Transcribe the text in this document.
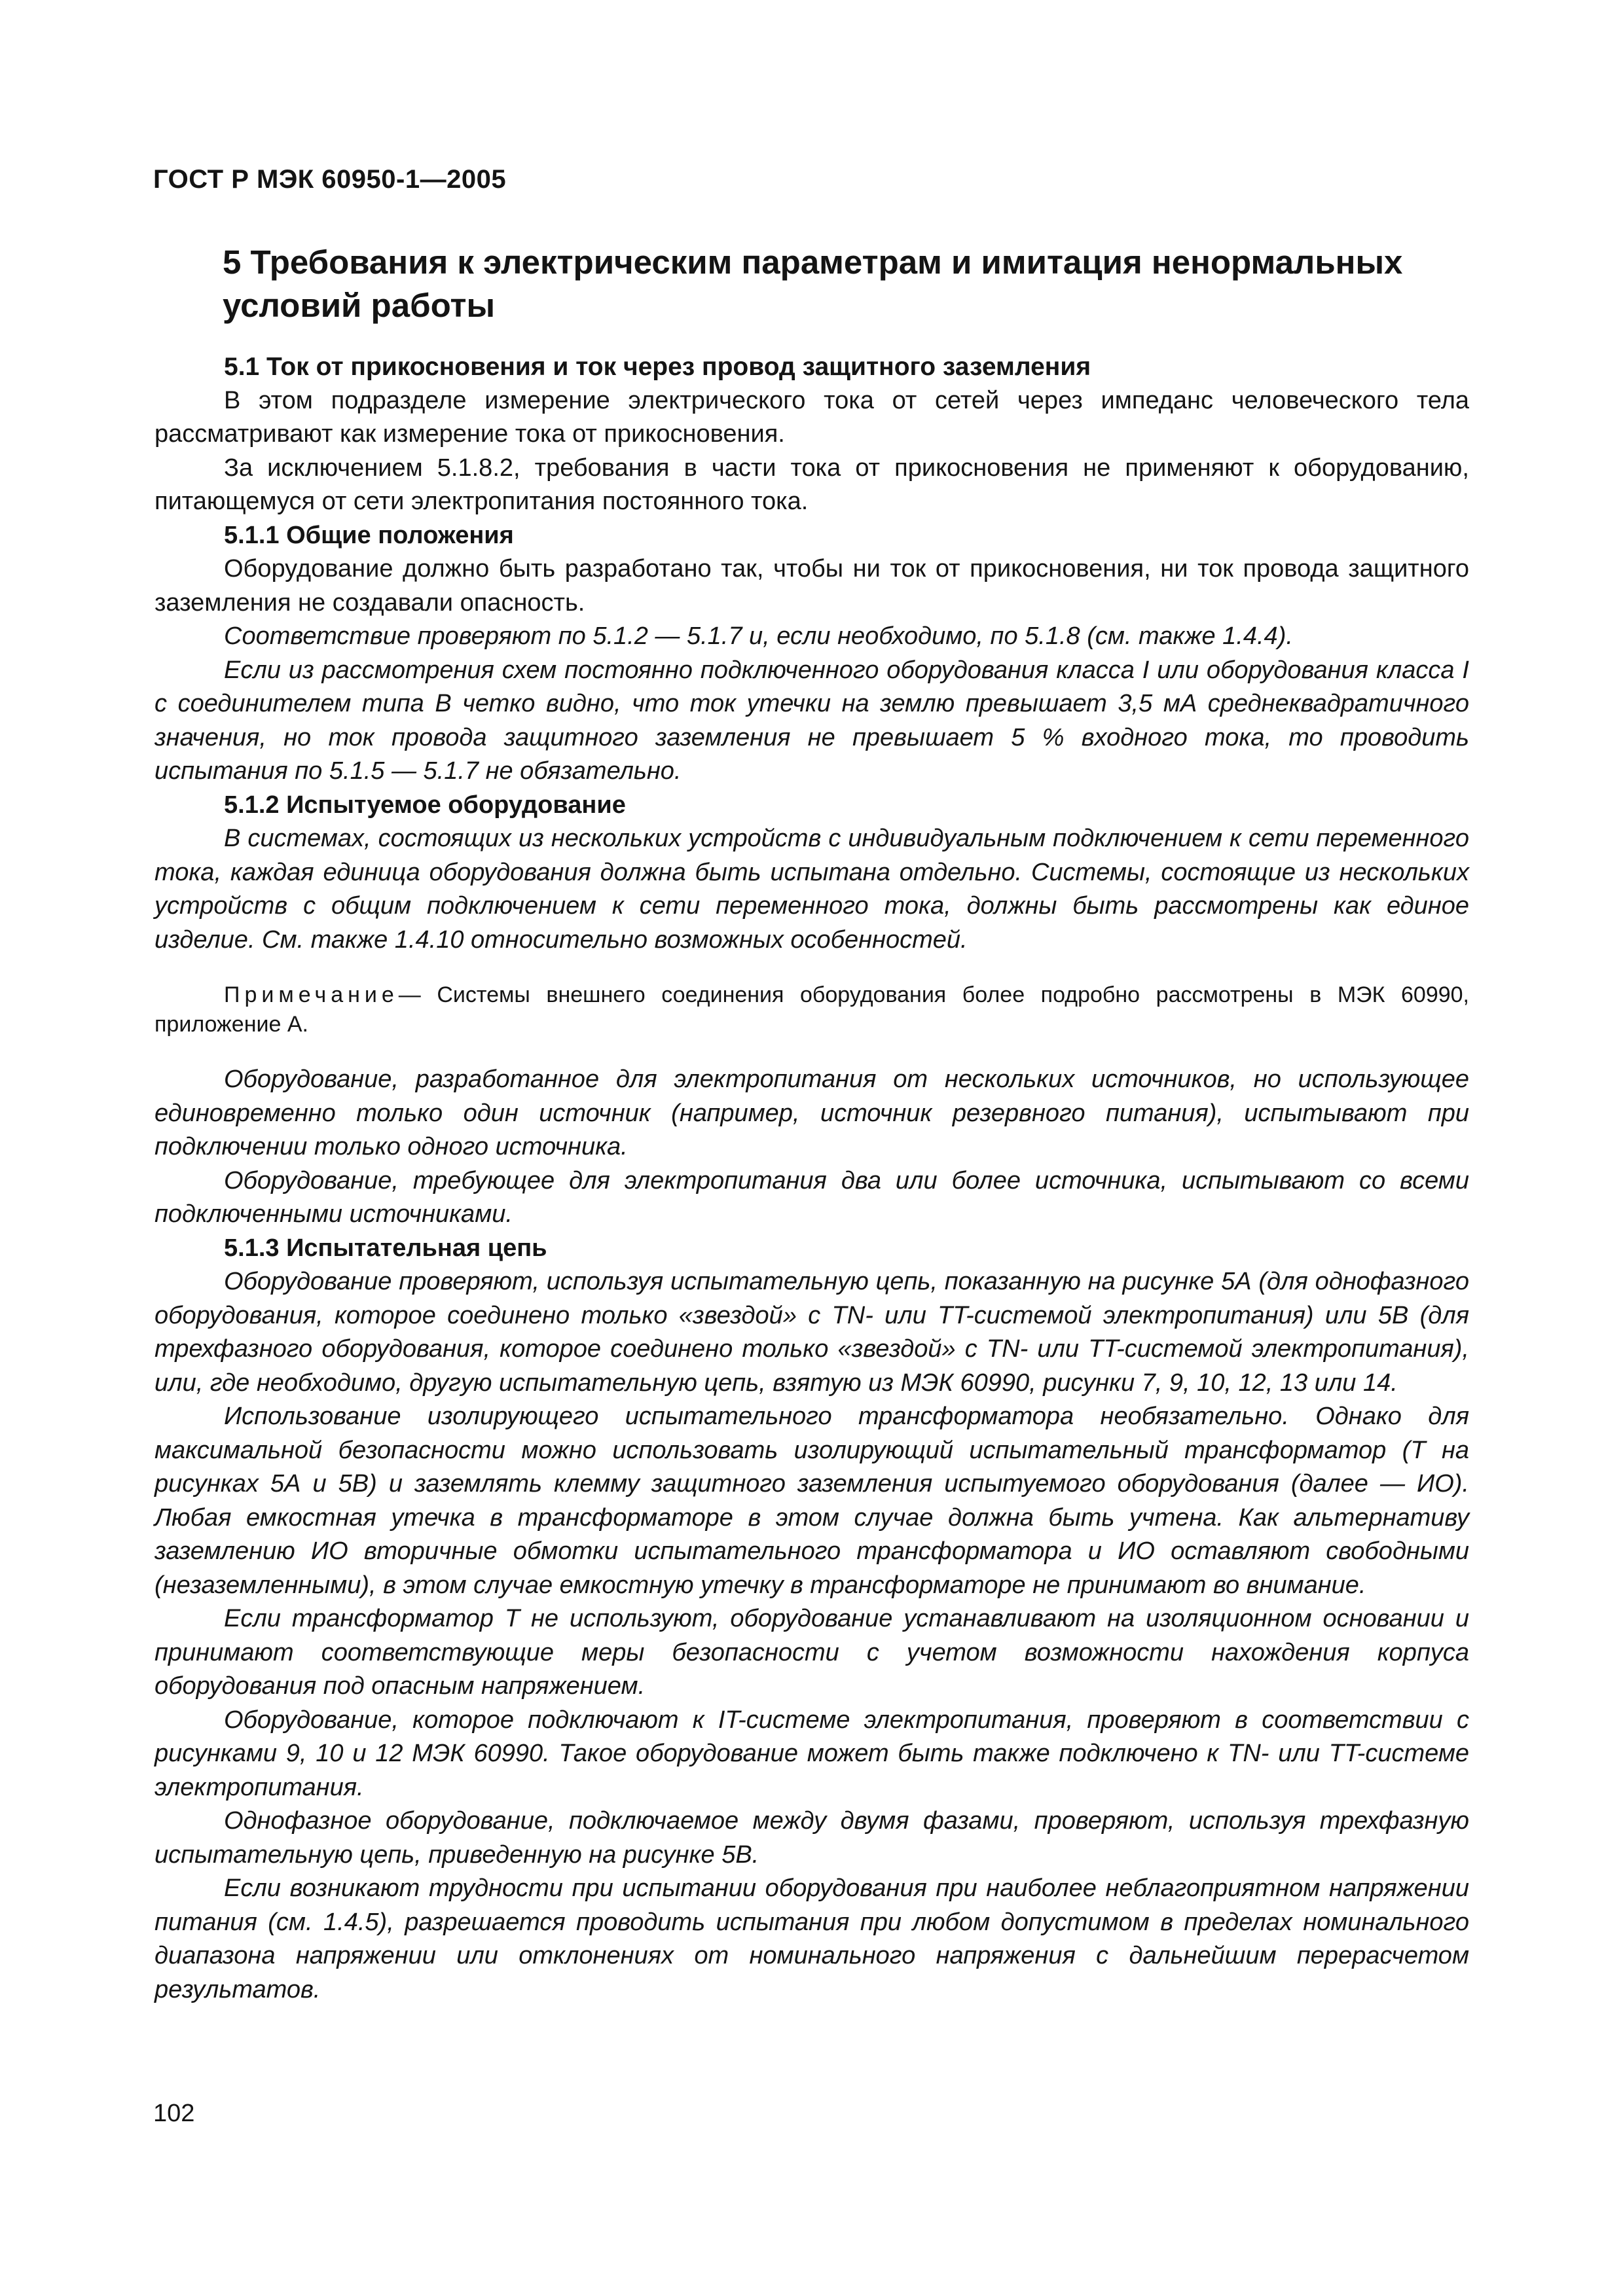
ГОСТ Р МЭК 60950-1—2005

5 Требования к электрическим параметрам и имитация ненормальных условий работы

5.1 Ток от прикосновения и ток через провод защитного заземления

В этом подразделе измерение электрического тока от сетей через импеданс человеческого тела рассматривают как измерение тока от прикосновения.

За исключением 5.1.8.2, требования в части тока от прикосновения не применяют к оборудованию, питающемуся от сети электропитания постоянного тока.

5.1.1 Общие положения

Оборудование должно быть разработано так, чтобы ни ток от прикосновения, ни ток провода защитного заземления не создавали опасность.

Соответствие проверяют по 5.1.2 — 5.1.7 и, если необходимо, по 5.1.8 (см. также 1.4.4).

Если из рассмотрения схем постоянно подключенного оборудования класса I или оборудования класса I с соединителем типа В четко видно, что ток утечки на землю превышает 3,5 мА среднеквадратичного значения, но ток провода защитного заземления не превышает 5 % входного тока, то проводить испытания по 5.1.5 — 5.1.7 не обязательно.

5.1.2 Испытуемое оборудование

В системах, состоящих из нескольких устройств с индивидуальным подключением к сети переменного тока, каждая единица оборудования должна быть испытана отдельно. Системы, состоящие из нескольких устройств с общим подключением к сети переменного тока, должны быть рассмотрены как единое изделие. См. также 1.4.10 относительно возможных особенностей.

Примечание— Системы внешнего соединения оборудования более подробно рассмотрены в МЭК 60990, приложение А.

Оборудование, разработанное для электропитания от нескольких источников, но использующее единовременно только один источник (например, источник резервного питания), испытывают при подключении только одного источника.

Оборудование, требующее для электропитания два или более источника, испытывают со всеми подключенными источниками.

5.1.3 Испытательная цепь

Оборудование проверяют, используя испытательную цепь, показанную на рисунке 5А (для однофазного оборудования, которое соединено только «звездой» с TN- или TT-системой электропитания) или 5В (для трехфазного оборудования, которое соединено только «звездой» с TN- или TT-системой электропитания), или, где необходимо, другую испытательную цепь, взятую из МЭК 60990, рисунки 7, 9, 10, 12, 13 или 14.

Использование изолирующего испытательного трансформатора необязательно. Однако для максимальной безопасности можно использовать изолирующий испытательный трансформатор (Т на рисунках 5А и 5В) и заземлять клемму защитного заземления испытуемого оборудования (далее — ИО). Любая емкостная утечка в трансформаторе в этом случае должна быть учтена. Как альтернативу заземлению ИО вторичные обмотки испытательного трансформатора и ИО оставляют свободными (незаземленными), в этом случае емкостную утечку в трансформаторе не принимают во внимание.

Если трансформатор Т не используют, оборудование устанавливают на изоляционном основании и принимают соответствующие меры безопасности с учетом возможности нахождения корпуса оборудования под опасным напряжением.

Оборудование, которое подключают к IT-системе электропитания, проверяют в соответствии с рисунками 9, 10 и 12 МЭК 60990. Такое оборудование может быть также подключено к TN- или TT-системе электропитания.

Однофазное оборудование, подключаемое между двумя фазами, проверяют, используя трехфазную испытательную цепь, приведенную на рисунке 5В.

Если возникают трудности при испытании оборудования при наиболее неблагоприятном напряжении питания (см. 1.4.5), разрешается проводить испытания при любом допустимом в пределах номинального диапазона напряжении или отклонениях от номинального напряжения с дальнейшим перерасчетом результатов.

102
